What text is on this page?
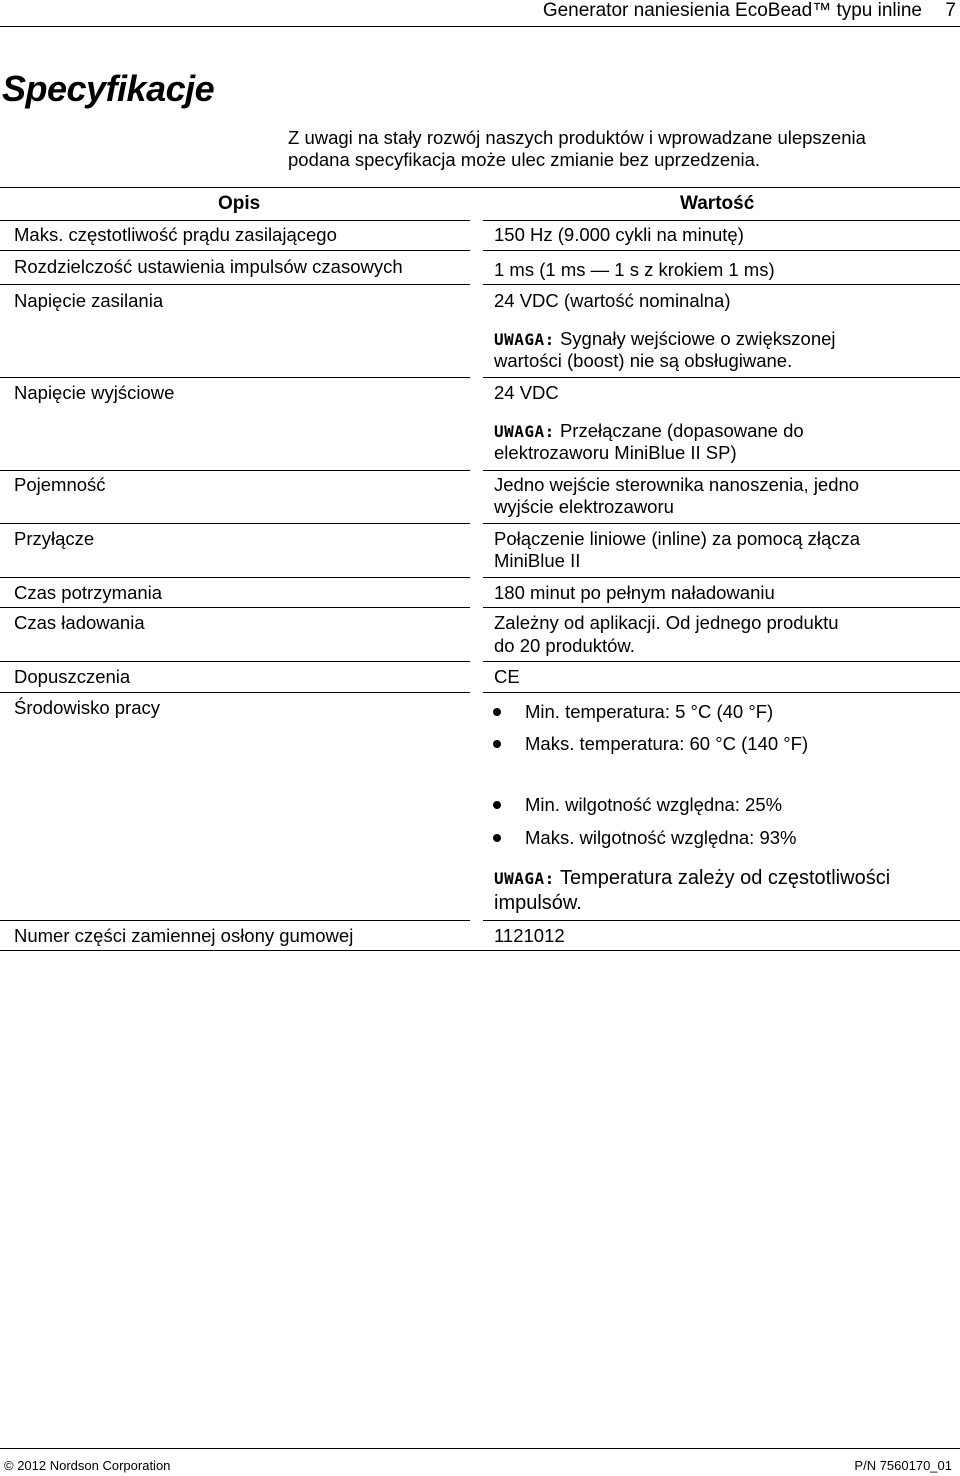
Generator naniesienia EcoBead™ typu inline 7
Specyfikacje
Z uwagi na stały rozwój naszych produktów i wprowadzane ulepszenia
podana specyfikacja może ulec zmianie bez uprzedzenia.
Opis	Wartość
Maks. częstotliwość prądu zasilającego	150 Hz (9.000 cykli na minutę)
Rozdzielczość ustawienia impulsów czasowych	1 ms (1 ms — 1 s z krokiem 1 ms)
Napięcie zasilania	24 VDC (wartość nominalna)
UWAGA: Sygnały wejściowe o zwiększonej
wartości (boost) nie są obsługiwane.
Napięcie wyjściowe	24 VDC
UWAGA: Przełączane (dopasowane do
elektrozaworu MiniBlue II SP)
Pojemność	Jedno wejście sterownika nanoszenia, jedno
wyjście elektrozaworu
Przyłącze	Połączenie liniowe (inline) za pomocą złącza
MiniBlue II
Czas potrzymania	180 minut po pełnym naładowaniu
Czas ładowania	Zależny od aplikacji. Od jednego produktu
do 20 produktów.
Dopuszczenia	CE
Środowisko pracy	Min. temperatura: 5 °C (40 °F)
Maks. temperatura: 60 °C (140 °F)
Min. wilgotność względna: 25%
Maks. wilgotność względna: 93%
UWAGA: Temperatura zależy od częstotliwości
impulsów.
Numer części zamiennej osłony gumowej	1121012
© 2012 Nordson Corporation	P/N 7560170_01
